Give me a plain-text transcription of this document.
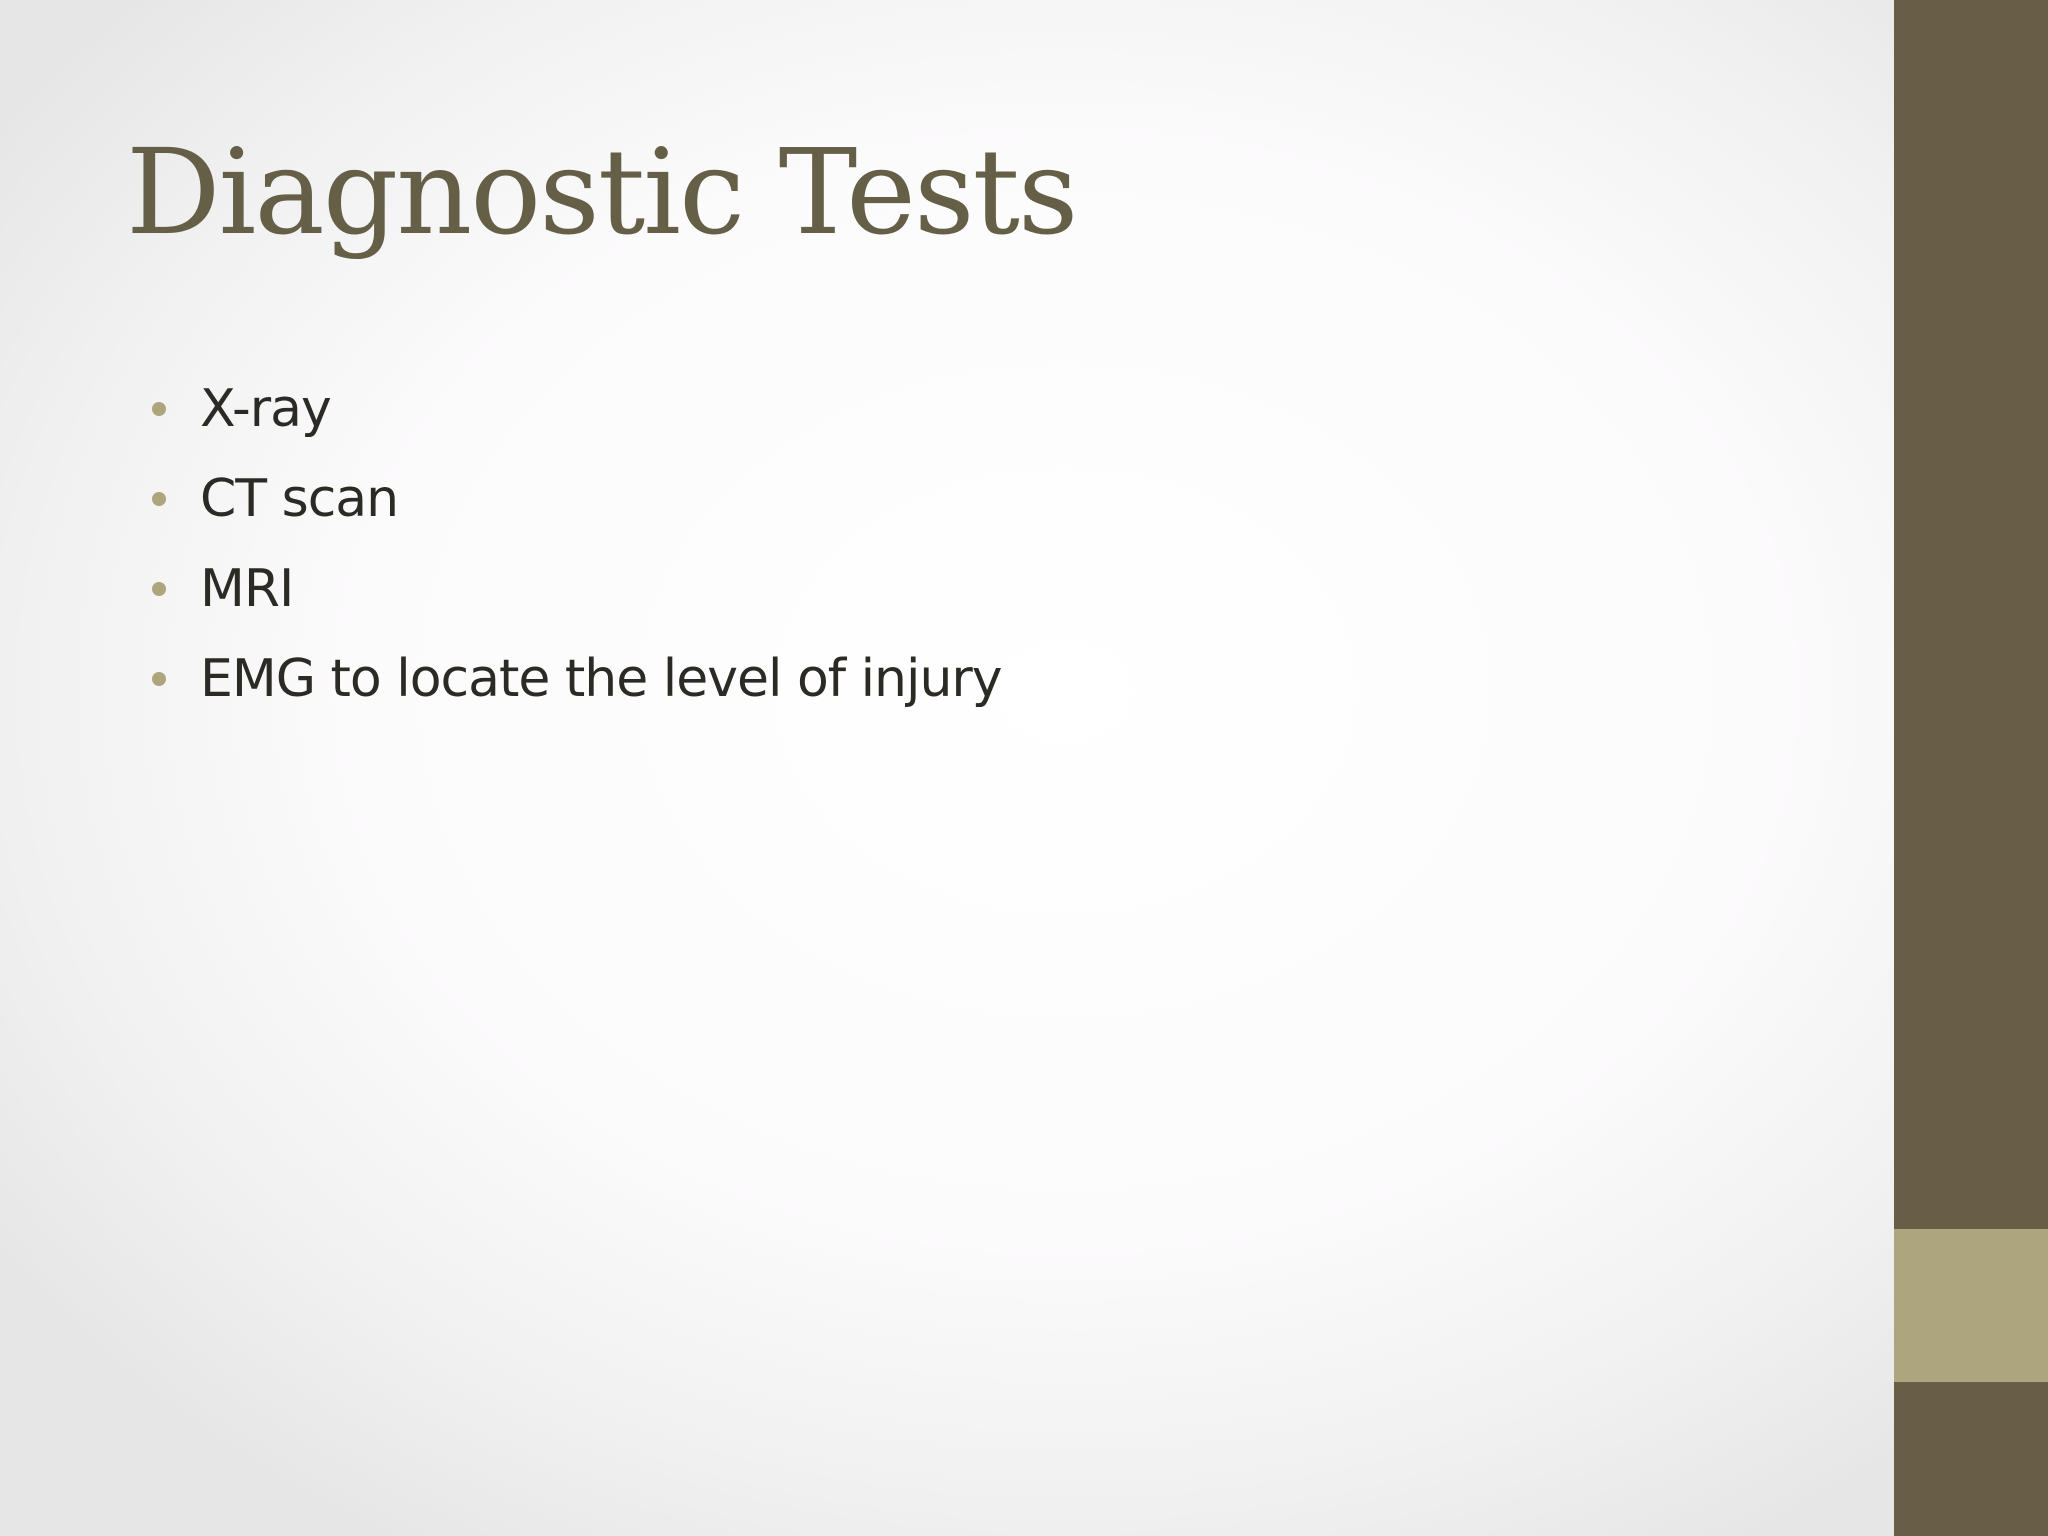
Diagnostic Tests
X-ray
CT scan
MRI
EMG to locate the level of injury
